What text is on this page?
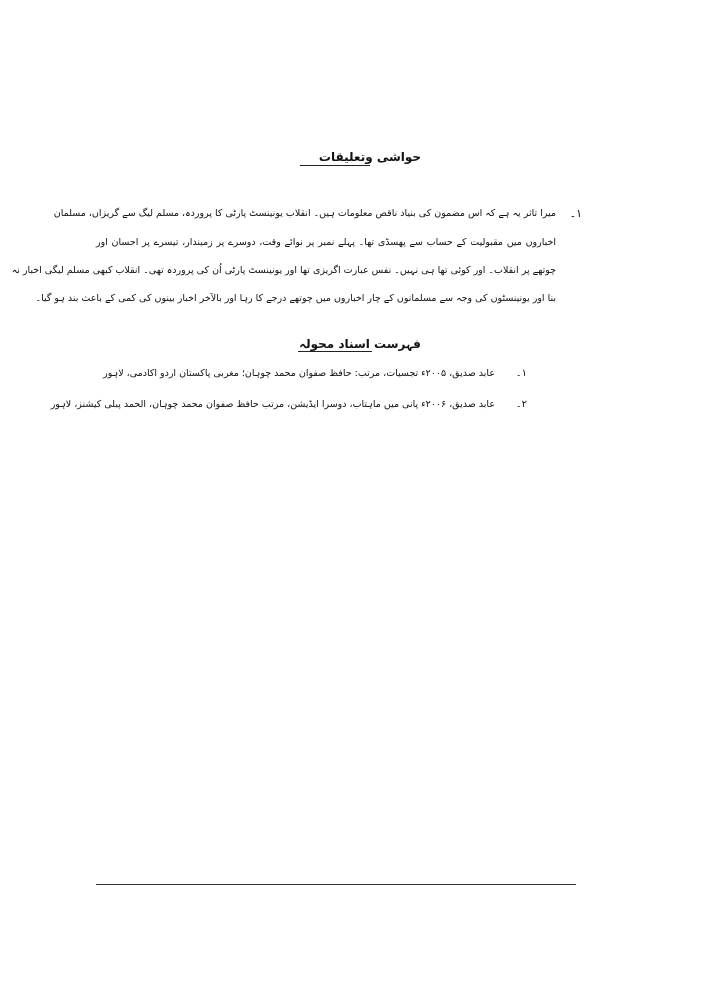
حواشی وتعلیقات
۱۔
میرا تاثر یہ ہے کہ اس مضمون کی بنیاد ناقص معلومات ہیں۔ انقلاب یونینسٹ پارٹی کا پروردہ، مسلم لیگ سے گریزاں، مسلمان
اخباروں میں مقبولیت کے حساب سے پھسڈی تھا۔ پہلے نمبر پر نوائے وقت، دوسرے پر زمیندار، تیسرے پر احسان اور
چوتھے پر انقلاب۔ اور کوئی تھا ہی نہیں۔ نفس عبارت اگریزی تھا اور یونینسٹ پارٹی اُن کی پروردہ تھی۔ انقلاب کبھی مسلم لیگی اخبار نہ
بنا اور یونینسٹوں کی وجہ سے مسلمانوں کے چار اخباروں میں چوتھے درجے کا رہا اور بالآخر اخبار بینوں کی کمی کے باعث بند ہو گیا۔
فہرست اسناد محولہ
۱۔
عابد صدیق، ۲۰۰۵ء تجسیات، مرتب: حافظ صفوان محمد چوہان؛ مغربی پاکستان اردو اکادمی، لاہور
۲۔
عابد صدیق، ۲۰۰۶ء پانی میں ماہتاب، دوسرا ایڈیشن، مرتب حافظ صفوان محمد چوہان، الحمد پبلی کیشنز، لاہور
